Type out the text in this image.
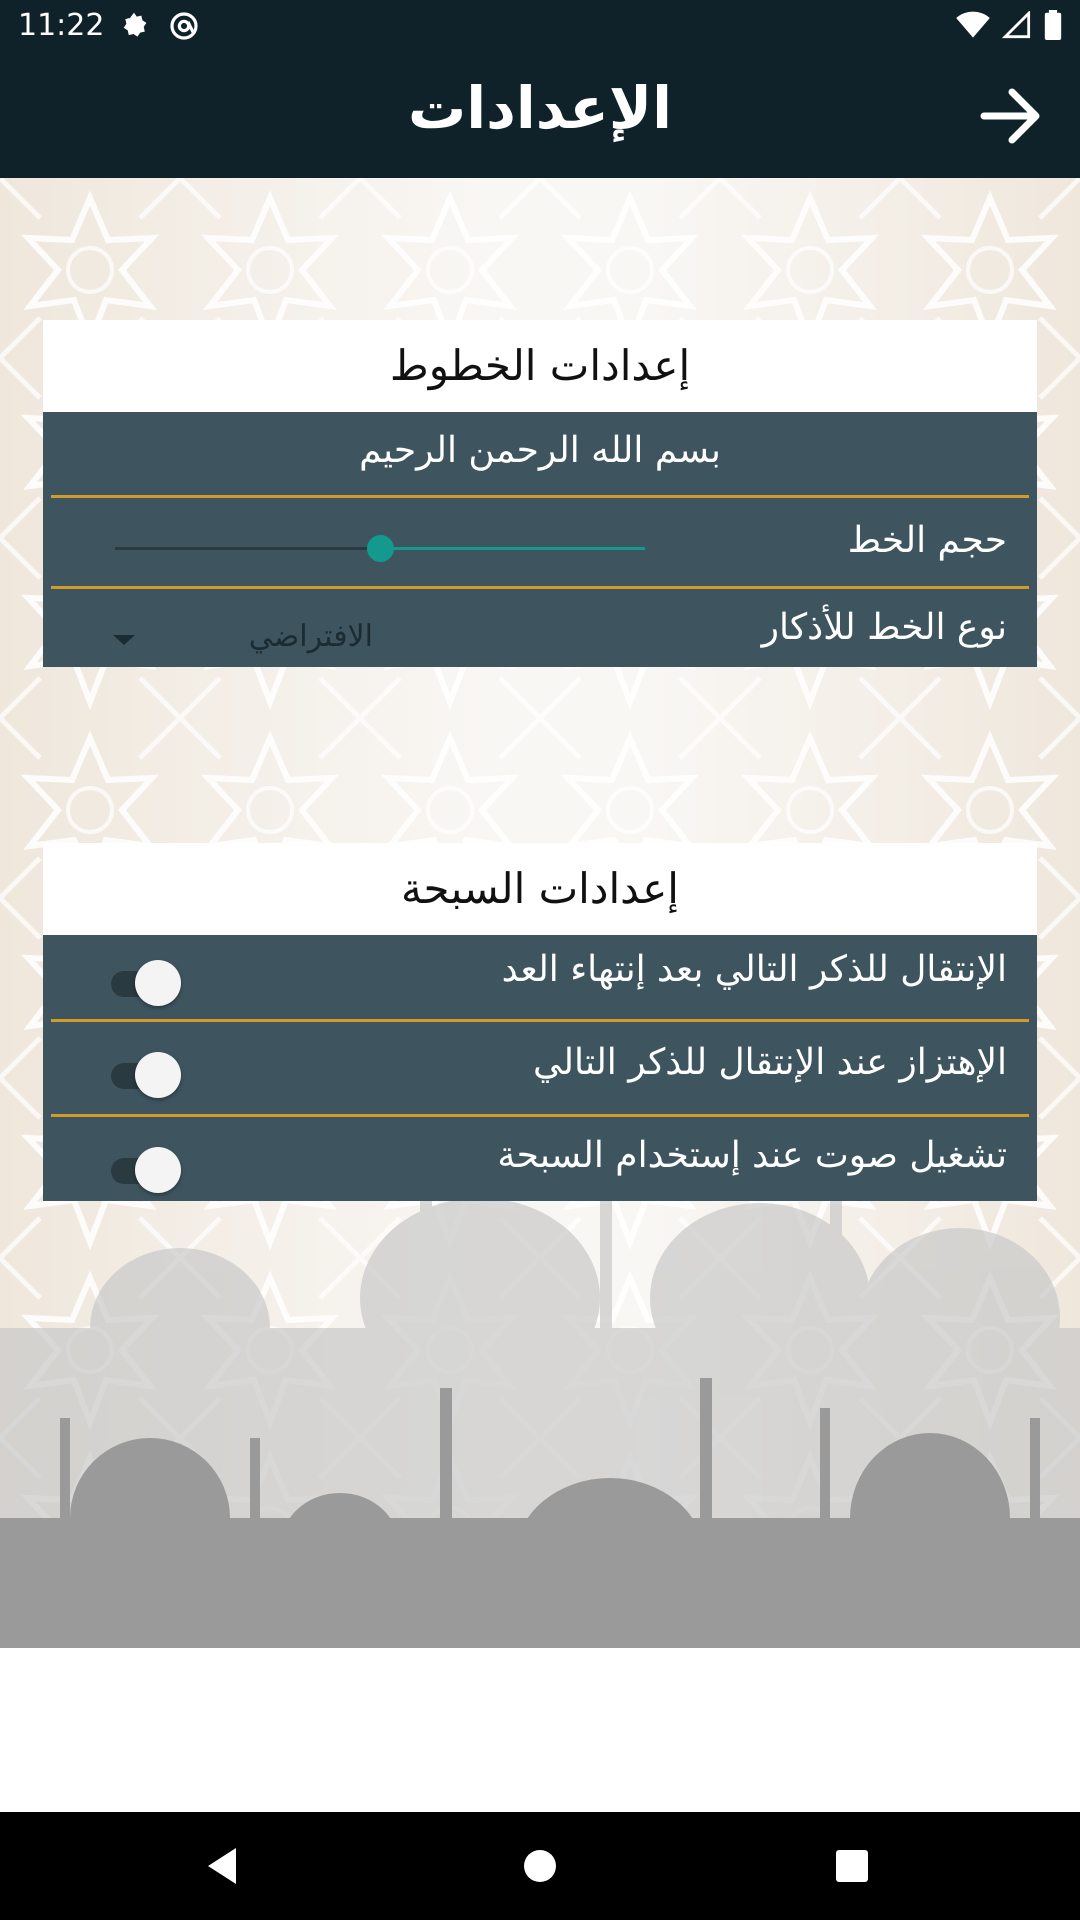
11:22
الإعدادات
إعدادات الخطوط
بسم الله الرحمن الرحيم
حجم الخط
نوع الخط للأذكار
الافتراضي
إعدادات السبحة
الإنتقال للذكر التالي بعد إنتهاء العد
الإهتزاز عند الإنتقال للذكر التالي
تشغيل صوت عند إستخدام السبحة
